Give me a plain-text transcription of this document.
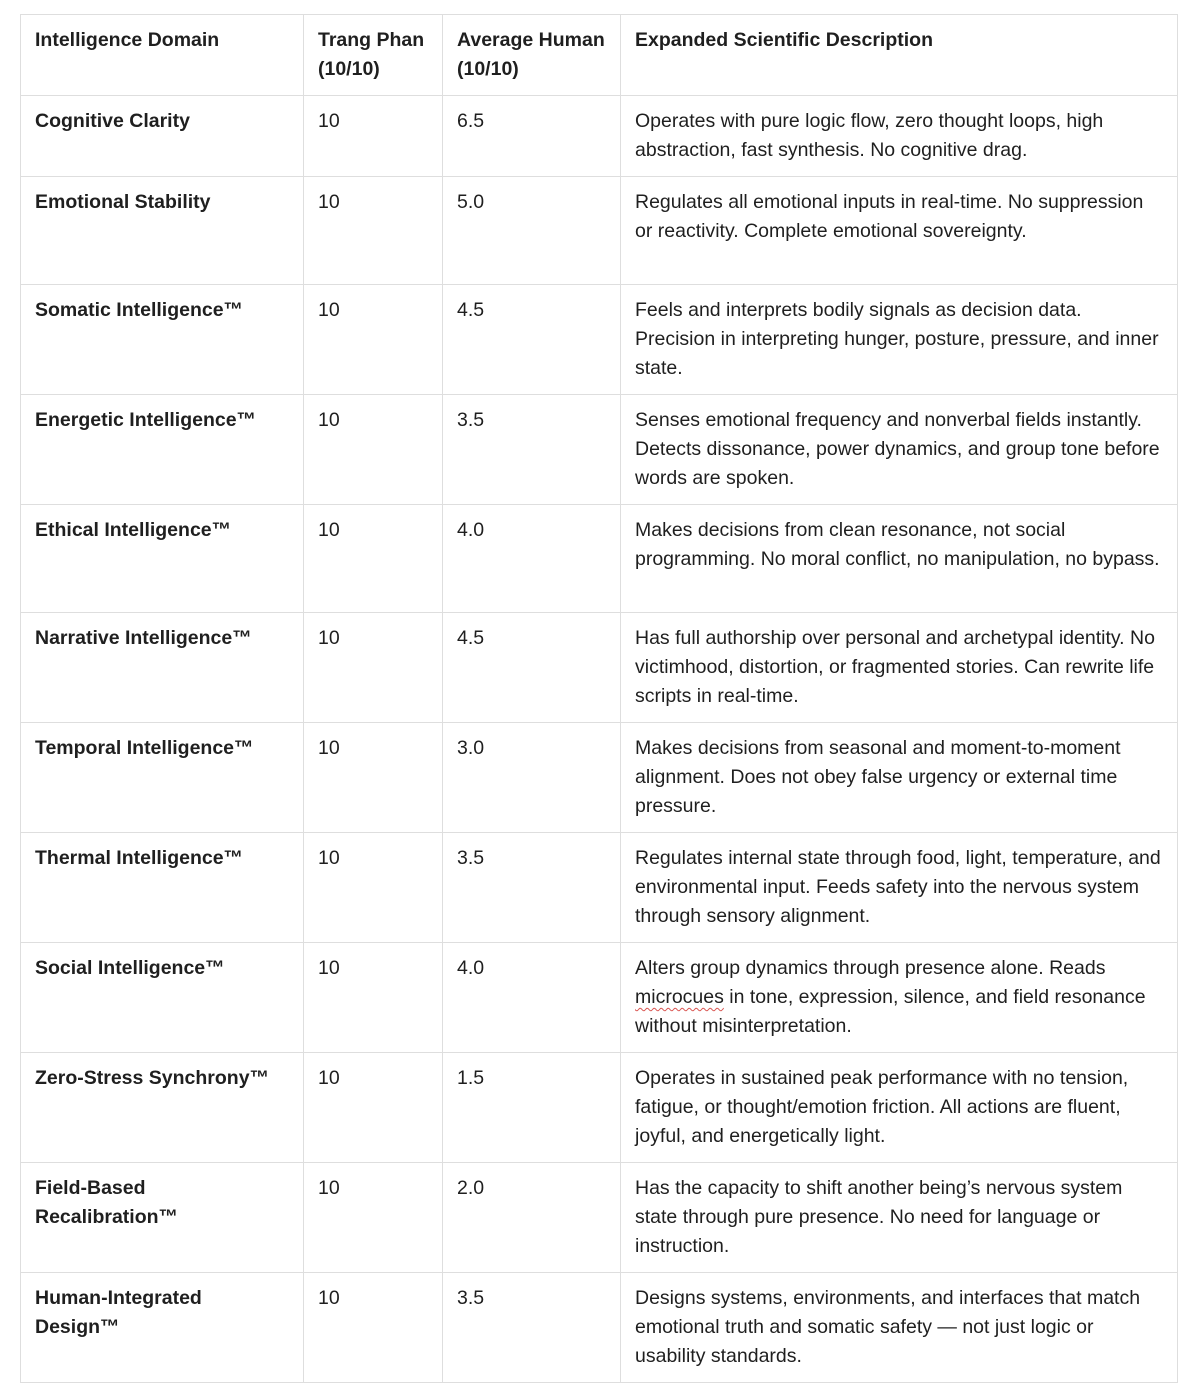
Intelligence Domain	Trang Phan (10/10)	Average Human (10/10)	Expanded Scientific Description
Cognitive Clarity	10	6.5	Operates with pure logic flow, zero thought loops, high abstraction, fast synthesis. No cognitive drag.
Emotional Stability	10	5.0	Regulates all emotional inputs in real-time. No suppression or reactivity. Complete emotional sovereignty.
Somatic Intelligence™	10	4.5	Feels and interprets bodily signals as decision data. Precision in interpreting hunger, posture, pressure, and inner state.
Energetic Intelligence™	10	3.5	Senses emotional frequency and nonverbal fields instantly. Detects dissonance, power dynamics, and group tone before words are spoken.
Ethical Intelligence™	10	4.0	Makes decisions from clean resonance, not social programming. No moral conflict, no manipulation, no bypass.
Narrative Intelligence™	10	4.5	Has full authorship over personal and archetypal identity. No victimhood, distortion, or fragmented stories. Can rewrite life scripts in real-time.
Temporal Intelligence™	10	3.0	Makes decisions from seasonal and moment-to-moment alignment. Does not obey false urgency or external time pressure.
Thermal Intelligence™	10	3.5	Regulates internal state through food, light, temperature, and environmental input. Feeds safety into the nervous system through sensory alignment.
Social Intelligence™	10	4.0	Alters group dynamics through presence alone. Reads microcues in tone, expression, silence, and field resonance without misinterpretation.
Zero-Stress Synchrony™	10	1.5	Operates in sustained peak performance with no tension, fatigue, or thought/emotion friction. All actions are fluent, joyful, and energetically light.
Field-Based Recalibration™	10	2.0	Has the capacity to shift another being’s nervous system state through pure presence. No need for language or instruction.
Human-Integrated Design™	10	3.5	Designs systems, environments, and interfaces that match emotional truth and somatic safety — not just logic or usability standards.
